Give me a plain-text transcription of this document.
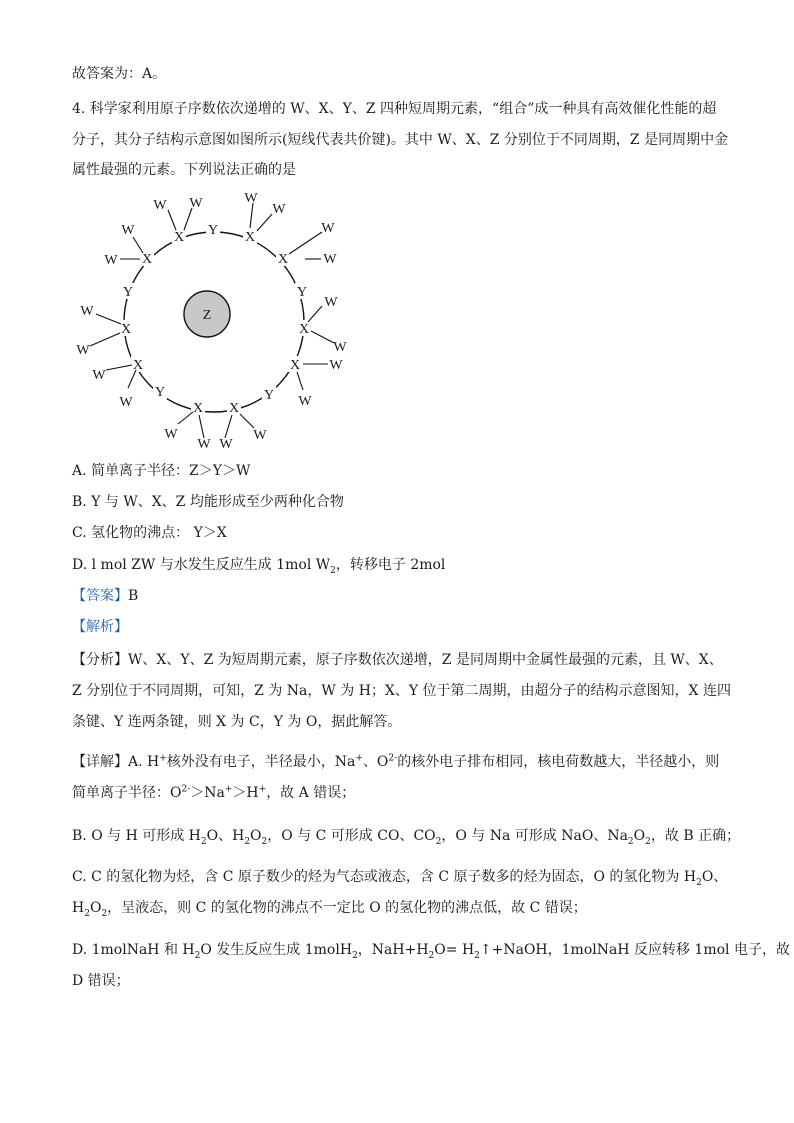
故答案为：A。
4. 科学家利用原子序数依次递增的 W、X、Y、Z 四种短周期元素，“组合”成一种具有高效催化性能的超
分子，其分子结构示意图如图所示(短线代表共价键)。其中 W、X、Z 分别位于不同周期，Z 是同周期中金
属性最强的元素。下列说法正确的是
Z
X Y X
X	X
Y	Y
X	X
X	X
Y	Y
X X
W W
W
W
W
W
W
W
W
W
W
W
W
W
W
W
W
W W
W
A. 简单离子半径：Z＞Y＞W
B. Y 与 W、X、Z 均能形成至少两种化合物
C. 氢化物的沸点： Y＞X
D. l mol ZW 与水发生反应生成 1mol $W_2$，转移电子 2mol
【答案】B
【解析】
【分析】W、X、Y、Z 为短周期元素，原子序数依次递增，Z 是同周期中金属性最强的元素，且 W、X、
Z 分别位于不同周期，可知，Z 为 Na，W 为 H；X、Y 位于第二周期，由超分子的结构示意图知，X 连四
条键、Y 连两条键，则 X 为 C，Y 为 O，据此解答。
【详解】A. H+核外没有电子，半径最小，Na+、$O^{2-}$的核外电子排布相同，核电荷数越大，半径越小，则
简单离子半径：$O^{2-}>Na^+>H^+$，故 A 错误；
B. O 与 H 可形成 $H_2O$、$H_2O_2$，O 与 C 可形成 CO、$CO_2$，O 与 Na 可形成 NaO、$Na_2O_2$，故 B 正确；
C. C 的氢化物为烃，含 C 原子数少的烃为气态或液态，含 C 原子数多的烃为固态，O 的氢化物为 $H_2O$、
$H_2O_2$，呈液态，则 C 的氢化物的沸点不一定比 O 的氢化物的沸点低，故 C 错误；
D. 1molNaH 和 $H_2O$ 发生反应生成 1molH$_2$，$NaH+H_2O=$ $H_2↑+NaOH$，1molNaH 反应转移 1mol 电子，故
D 错误；
